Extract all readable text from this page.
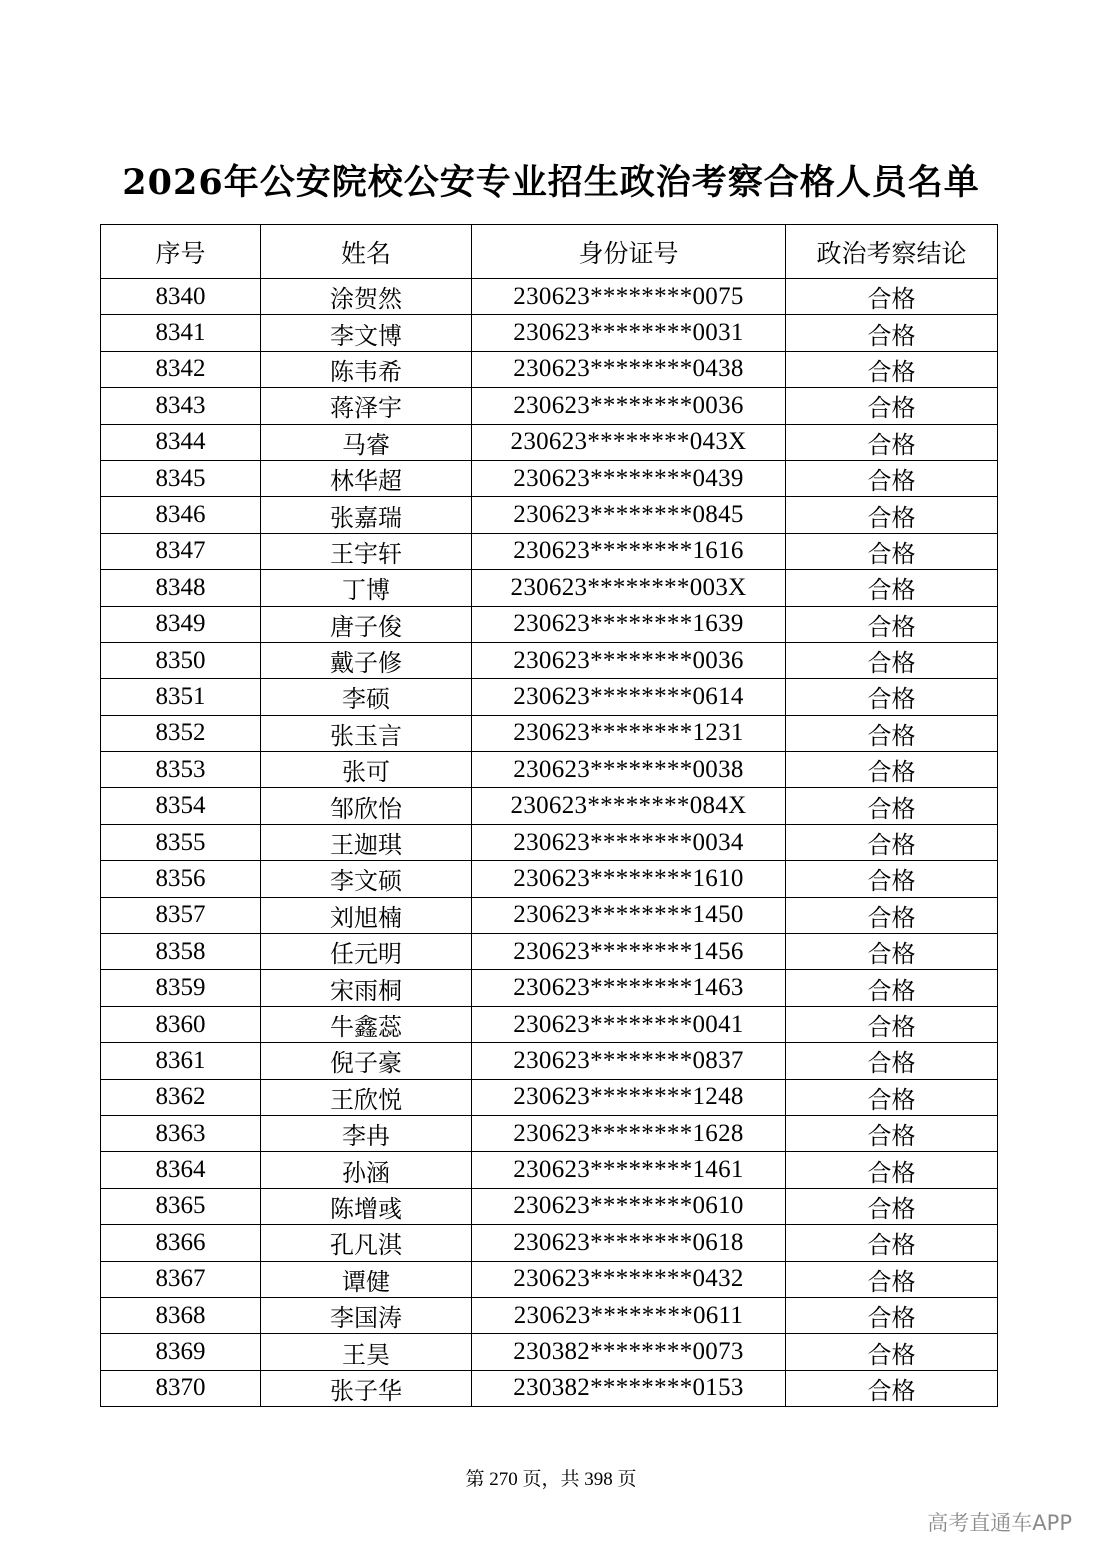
2026年公安院校公安专业招生政治考察合格人员名单
序号	姓名	身份证号	政治考察结论
8340	涂贺然	230623********0075	合格
8341	李文博	230623********0031	合格
8342	陈韦希	230623********0438	合格
8343	蒋泽宇	230623********0036	合格
8344	马睿	230623********043X	合格
8345	林华超	230623********0439	合格
8346	张嘉瑞	230623********0845	合格
8347	王宇轩	230623********1616	合格
8348	丁博	230623********003X	合格
8349	唐子俊	230623********1639	合格
8350	戴子修	230623********0036	合格
8351	李硕	230623********0614	合格
8352	张玉言	230623********1231	合格
8353	张可	230623********0038	合格
8354	邹欣怡	230623********084X	合格
8355	王迦琪	230623********0034	合格
8356	李文硕	230623********1610	合格
8357	刘旭楠	230623********1450	合格
8358	任元明	230623********1456	合格
8359	宋雨桐	230623********1463	合格
8360	牛鑫蕊	230623********0041	合格
8361	倪子豪	230623********0837	合格
8362	王欣悦	230623********1248	合格
8363	李冉	230623********1628	合格
8364	孙涵	230623********1461	合格
8365	陈增彧	230623********0610	合格
8366	孔凡淇	230623********0618	合格
8367	谭健	230623********0432	合格
8368	李国涛	230623********0611	合格
8369	王昊	230382********0073	合格
8370	张子华	230382********0153	合格
第 270 页，共 398 页
高考直通车APP
